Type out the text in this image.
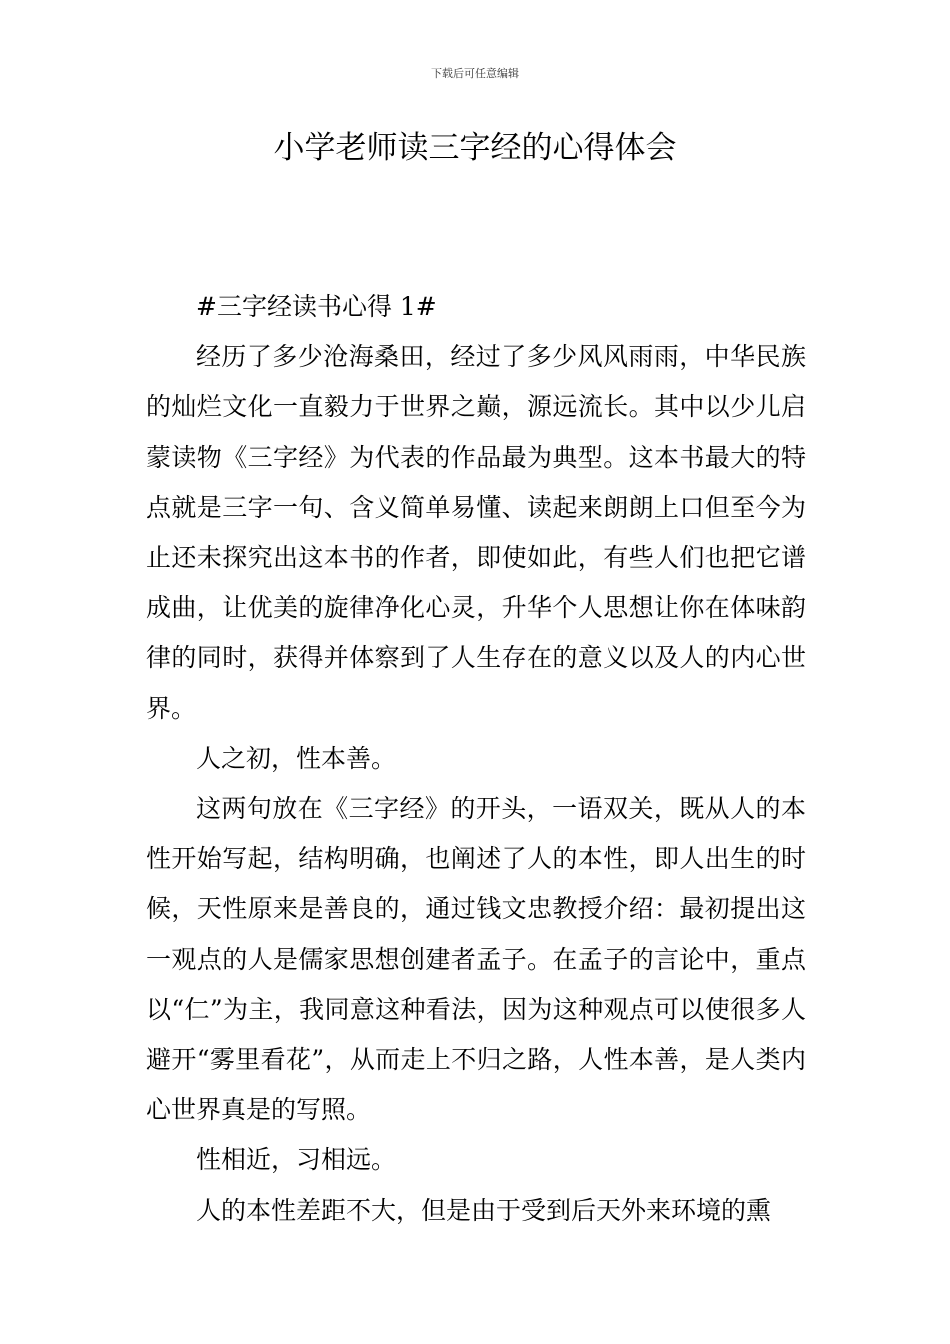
下载后可任意编辑
小学老师读三字经的心得体会

#三字经读书心得 1#

经历了多少沧海桑田，经过了多少风风雨雨，中华民族的灿烂文化一直毅力于世界之巅，源远流长。其中以少儿启蒙读物《三字经》为代表的作品最为典型。这本书最大的特点就是三字一句、含义简单易懂、读起来朗朗上口但至今为止还未探究出这本书的作者，即使如此，有些人们也把它谱成曲，让优美的旋律净化心灵，升华个人思想让你在体味韵律的同时，获得并体察到了人生存在的意义以及人的内心世界。

人之初，性本善。

这两句放在《三字经》的开头，一语双关，既从人的本性开始写起，结构明确，也阐述了人的本性，即人出生的时候，天性原来是善良的，通过钱文忠教授介绍：最初提出这一观点的人是儒家思想创建者孟子。在孟子的言论中，重点以“仁”为主，我同意这种看法，因为这种观点可以使很多人避开“雾里看花”，从而走上不归之路，人性本善，是人类内心世界真是的写照。

性相近，习相远。

人的本性差距不大，但是由于受到后天外来环境的熏
